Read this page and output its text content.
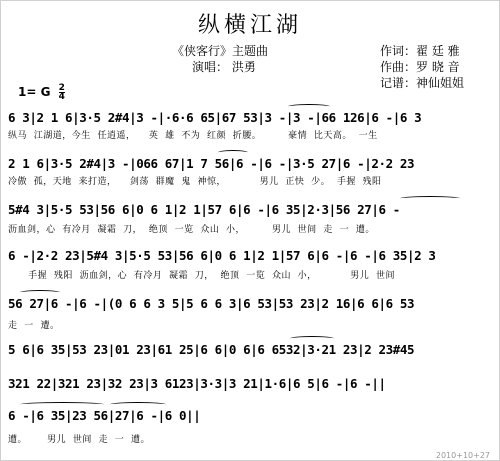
纵横江湖
《侠客行》主题曲
演唱： 洪勇
作词：翟 廷 雅
作曲：罗 晓 音
记谱：神仙姐姐
1= G $\frac{2}{4}$
6 3|2 1 6|3·5 2#4|3 -|·6·6 65|67 53|3 -|3 -|66 126|6 -|6 3
纵马  江湖道，今生  任逍遥，    英  雄  不为  红颜  折腰。        豪情  比天高。  一生
2 1 6|3·5 2#4|3 -|066 67|1 7 56|6 -|6 -|3·5 27|6 -|2·2 23
冷傲  孤，天地  来打造，    剑荡  群魔  鬼  神惊，          男儿  正快  少。  手握  残阳
5#4 3|5·5 53|56 6|0 6 1|2 1|57 6|6 -|6 35|2·3|56 27|6 -
沥血剑，心  有冷月  凝霜  刀，  绝顶  一览  众山  小，        男儿  世间  走  一  遭。
6 -|2·2 23|5#4 3|5·5 53|56 6|0 6 1|2 1|57 6|6 -|6 -|6 35|2 3
手握  残阳  沥血剑，心  有冷月  凝霜  刀，  绝顶  一览  众山  小，          男儿  世间
56 27|6 -|6 -|(0 6 6 3 5|5 6 6 3|6 53|53 23|2 16|6 6|6 53
走  一  遭。
5 6|6 35|53 23|01 23|61 25|6 6|0 6|6 6532|3·21 23|2 23#45
321 22|321 23|32 23|3 6123|3·3|3 21|1·6|6 5|6 -|6 -||
6 -|6 35|23 56|27|6 -|6 0||
遭。      男儿  世间  走  一  遭。
2010+10+27
